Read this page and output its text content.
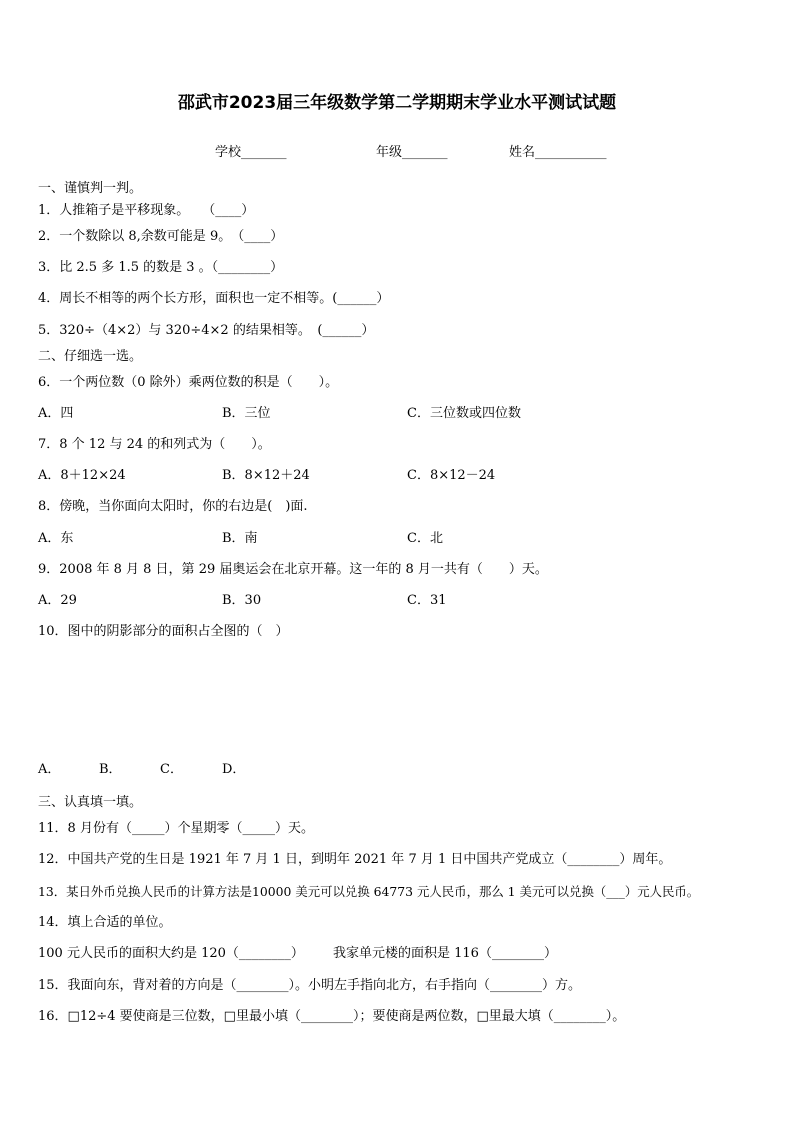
邵武市2023届三年级数学第二学期期末学业水平测试试题
学校_______	年级_______	姓名___________
一、谨慎判一判。
1．人推箱子是平移现象。　　（____）
2．一个数除以 8,余数可能是 9。　（____）
3．比 2.5 多 1.5 的数是 3 。（________）
4．周长不相等的两个长方形，面积也一定不相等。(______）
5．320÷（4×2）与 320÷4×2 的结果相等。　(______）
二、仔细选一选。
6．一个两位数（0 除外）乘两位数的积是（　　）。
A．四	B．三位	C．三位数或四位数
7．8 个 12 与 24 的和列式为（　　）。
A．8＋12×24	B．8×12＋24	C．8×12－24
8．傍晚，当你面向太阳时，你的右边是(　)面.
A．东	B．南	C．北
9．2008 年 8 月 8 日，第 29 届奥运会在北京开幕。这一年的 8 月一共有（　　）天。
A．29	B．30	C．31
10．图中的阴影部分的面积占全图的（　）
A．	B．	C．	D．
三、认真填一填。
11．8 月份有（_____）个星期零（_____）天。
12．中国共产党的生日是 1921 年 7 月 1 日，到明年 2021 年 7 月 1 日中国共产党成立（________）周年。
13．某日外币兑换人民币的计算方法是10000 美元可以兑换 64773 元人民币，那么 1 美元可以兑换（___）元人民币。
14．填上合适的单位。
100 元人民币的面积大约是 120（________） 我家单元楼的面积是 116（________）
15．我面向东，背对着的方向是（________）。小明左手指向北方，右手指向（________）方。
16．□12÷4 要使商是三位数，□里最小填（________）；要使商是两位数，□里最大填（________）。
